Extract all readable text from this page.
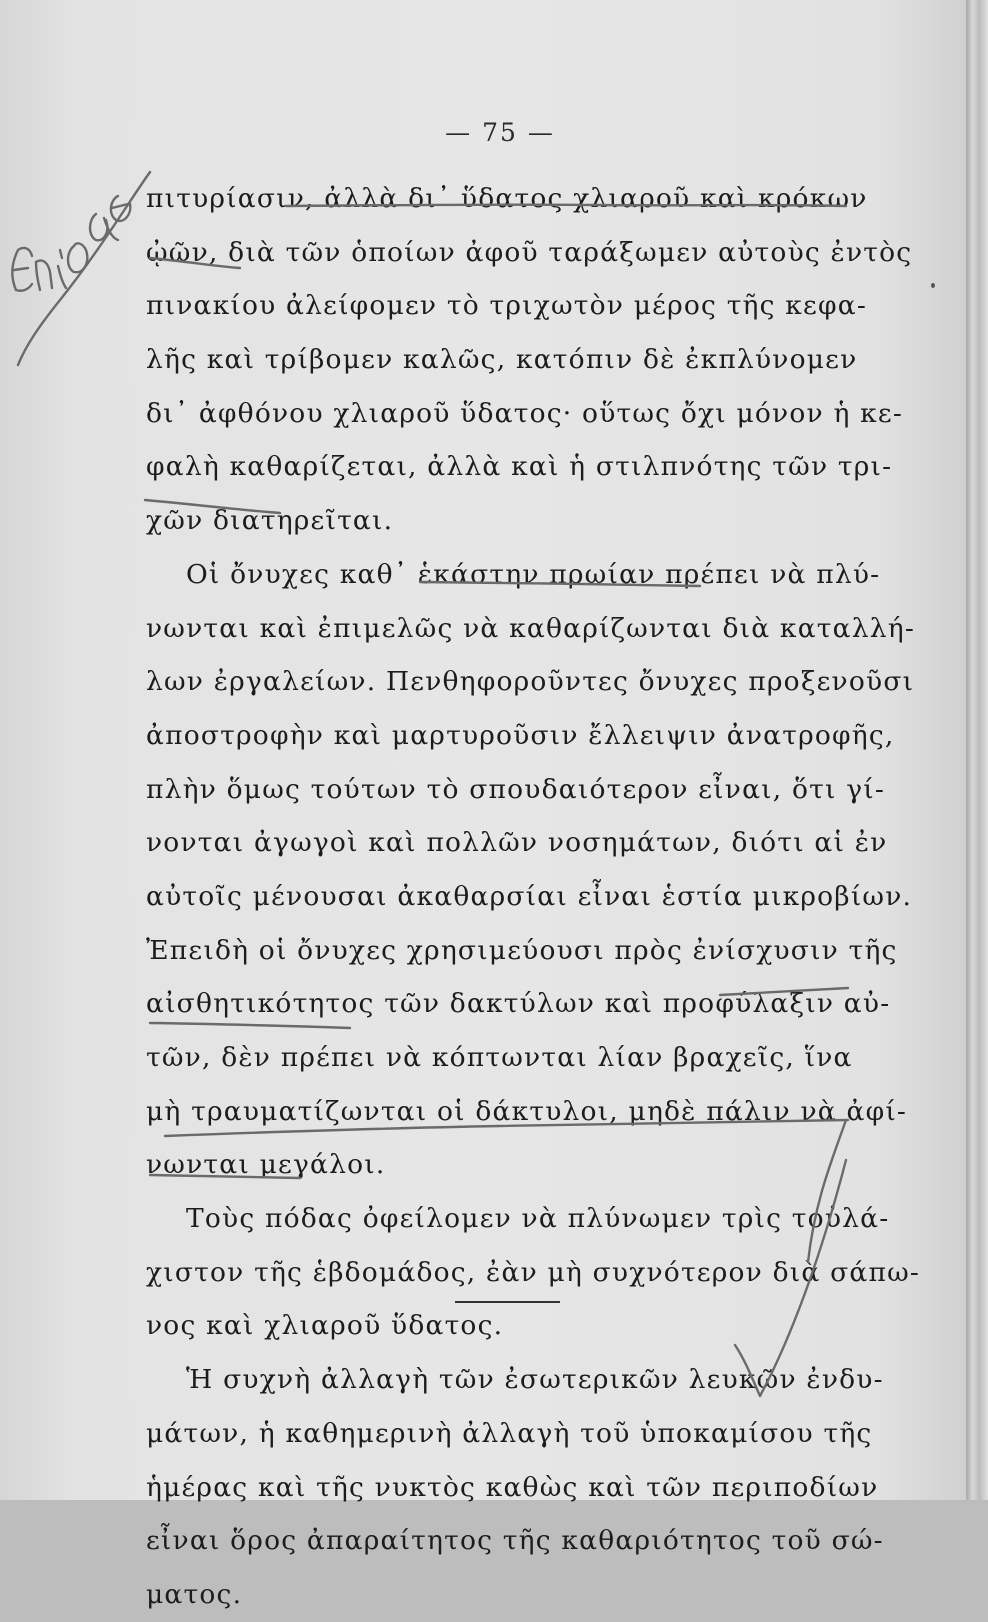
— 75 —
πιτυρίασιν, ἀλλὰ δι᾽ ὕδατος χλιαροῦ καὶ κρόκων
ᾠῶν, διὰ τῶν ὁποίων ἀφοῦ ταράξωμεν αὐτοὺς ἐντὸς
πινακίου ἀλείφομεν τὸ τριχωτὸν μέρος τῆς κεφα-
λῆς καὶ τρίβομεν καλῶς, κατόπιν δὲ ἐκπλύνομεν
δι᾽ ἀφθόνου χλιαροῦ ὕδατος· οὕτως ὄχι μόνον ἡ κε-
φαλὴ καθαρίζεται, ἀλλὰ καὶ ἡ στιλπνότης τῶν τρι-
χῶν διατηρεῖται.
Οἱ ὄνυχες καθ᾽ ἑκάστην πρωίαν πρέπει νὰ πλύ-
νωνται καὶ ἐπιμελῶς νὰ καθαρίζωνται διὰ καταλλή-
λων ἐργαλείων. Πενθηφοροῦντες ὄνυχες προξενοῦσι
ἀποστροφὴν καὶ μαρτυροῦσιν ἔλλειψιν ἀνατροφῆς,
πλὴν ὅμως τούτων τὸ σπουδαιότερον εἶναι, ὅτι γί-
νονται ἀγωγοὶ καὶ πολλῶν νοσημάτων, διότι αἱ ἐν
αὐτοῖς μένουσαι ἀκαθαρσίαι εἶναι ἑστία μικροβίων.
Ἐπειδὴ οἱ ὄνυχες χρησιμεύουσι πρὸς ἐνίσχυσιν τῆς
αἰσθητικότητος τῶν δακτύλων καὶ προφύλαξιν αὐ-
τῶν, δὲν πρέπει νὰ κόπτωνται λίαν βραχεῖς, ἵνα
μὴ τραυματίζωνται οἱ δάκτυλοι, μηδὲ πάλιν νὰ ἀφί-
νωνται μεγάλοι.
Τοὺς πόδας ὀφείλομεν νὰ πλύνωμεν τρὶς τοὐλά-
χιστον τῆς ἑβδομάδος, ἐὰν μὴ συχνότερον διὰ σάπω-
νος καὶ χλιαροῦ ὕδατος.
Ἡ συχνὴ ἀλλαγὴ τῶν ἐσωτερικῶν λευκῶν ἐνδυ-
μάτων, ἡ καθημερινὴ ἀλλαγὴ τοῦ ὑποκαμίσου τῆς
ἡμέρας καὶ τῆς νυκτὸς καθὼς καὶ τῶν περιποδίων
εἶναι ὅρος ἀπαραίτητος τῆς καθαριότητος τοῦ σώ-
ματος.
